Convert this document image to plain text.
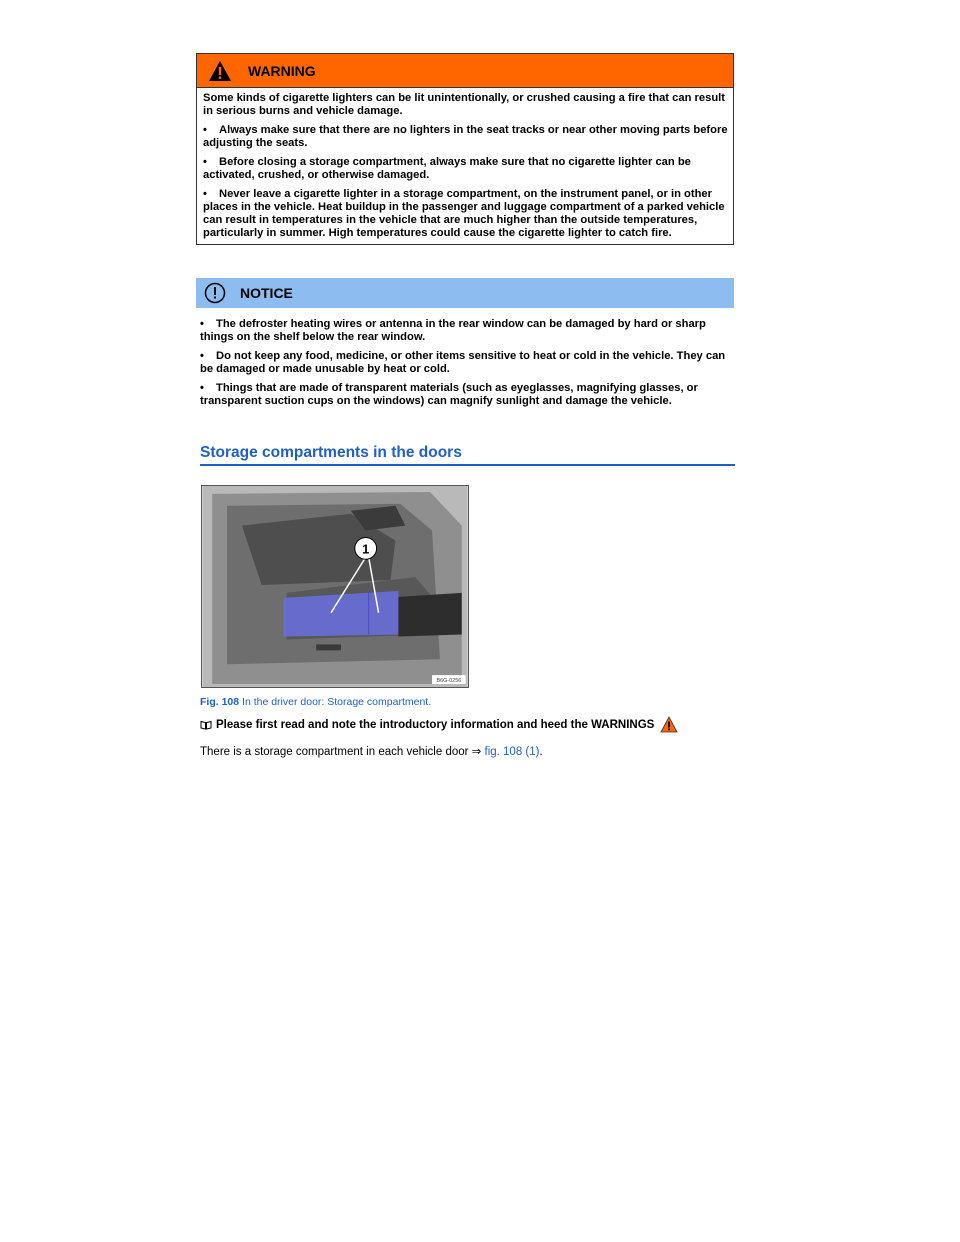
WARNING

Some kinds of cigarette lighters can be lit unintentionally, or crushed causing a fire that can result in serious burns and vehicle damage.

• Always make sure that there are no lighters in the seat tracks or near other moving parts before adjusting the seats.

• Before closing a storage compartment, always make sure that no cigarette lighter can be activated, crushed, or otherwise damaged.

• Never leave a cigarette lighter in a storage compartment, on the instrument panel, or in other places in the vehicle. Heat buildup in the passenger and luggage compartment of a parked vehicle can result in temperatures in the vehicle that are much higher than the outside temperatures, particularly in summer. High temperatures could cause the cigarette lighter to catch fire.

NOTICE

• The defroster heating wires or antenna in the rear window can be damaged by hard or sharp things on the shelf below the rear window.

• Do not keep any food, medicine, or other items sensitive to heat or cold in the vehicle. They can be damaged or made unusable by heat or cold.

• Things that are made of transparent materials (such as eyeglasses, magnifying glasses, or transparent suction cups on the windows) can magnify sunlight and damage the vehicle.

Storage compartments in the doors
1
B6G-0256
Fig. 108 In the driver door: Storage compartment.
Please first read and note the introductory information and heed the WARNINGS
There is a storage compartment in each vehicle door ⇒ fig. 108 (1).
